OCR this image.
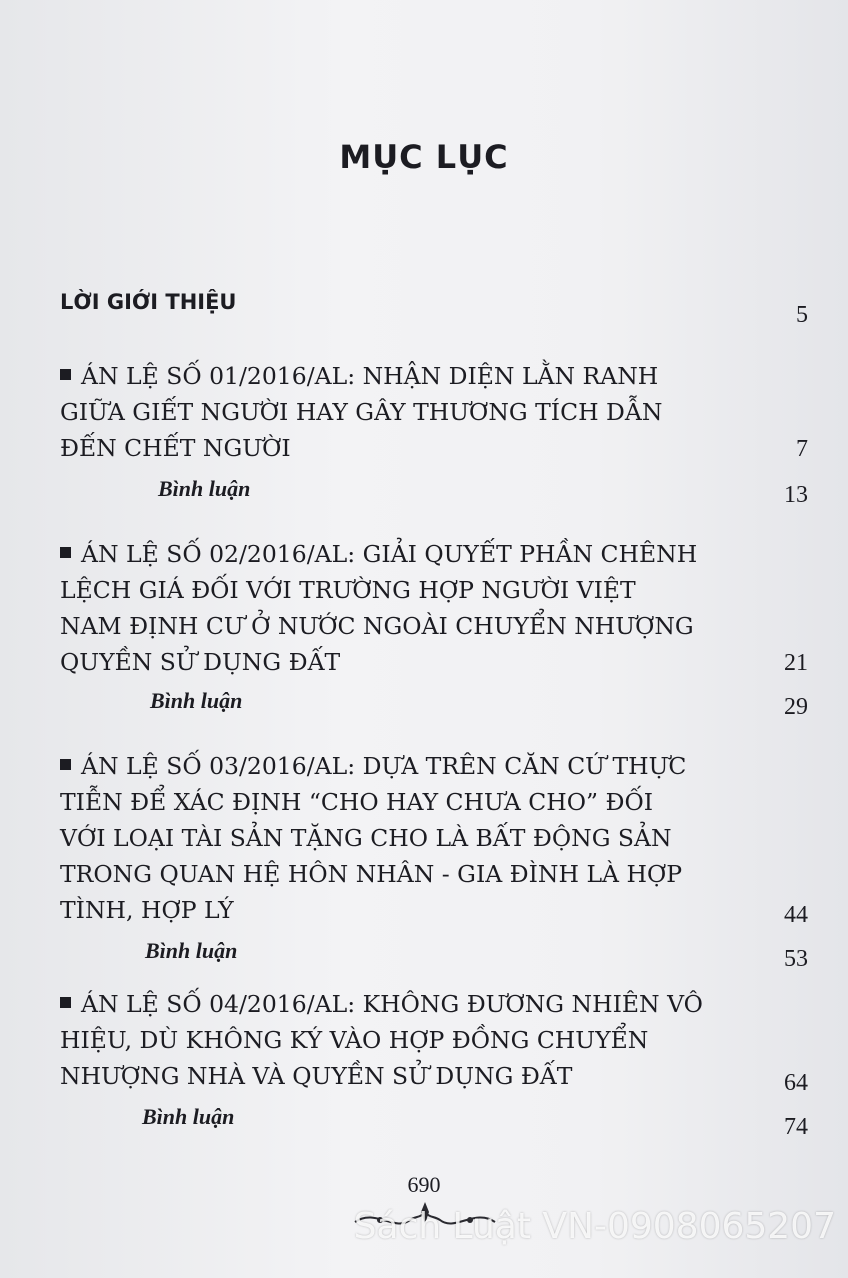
MỤC LỤC
LỜI GIỚI THIỆU	5
ÁN LỆ SỐ 01/2016/AL: NHẬN DIỆN LẰN RANH
GIỮA GIẾT NGƯỜI HAY GÂY THƯƠNG TÍCH DẪN
ĐẾN CHẾT NGƯỜI	7
Bình luận	13
ÁN LỆ SỐ 02/2016/AL: GIẢI QUYẾT PHẦN CHÊNH
LỆCH GIÁ ĐỐI VỚI TRƯỜNG HỢP NGƯỜI VIỆT
NAM ĐỊNH CƯ Ở NƯỚC NGOÀI CHUYỂN NHƯỢNG
QUYỀN SỬ DỤNG ĐẤT	21
Bình luận	29
ÁN LỆ SỐ 03/2016/AL: DỰA TRÊN CĂN CỨ THỰC
TIỄN ĐỂ XÁC ĐỊNH “CHO HAY CHƯA CHO” ĐỐI
VỚI LOẠI TÀI SẢN TẶNG CHO LÀ BẤT ĐỘNG SẢN
TRONG QUAN HỆ HÔN NHÂN - GIA ĐÌNH LÀ HỢP
TÌNH, HỢP LÝ	44
Bình luận	53
ÁN LỆ SỐ 04/2016/AL: KHÔNG ĐƯƠNG NHIÊN VÔ
HIỆU, DÙ KHÔNG KÝ VÀO HỢP ĐỒNG CHUYỂN
NHƯỢNG NHÀ VÀ QUYỀN SỬ DỤNG ĐẤT	64
Bình luận	74
690
Sách Luật VN-0908065207
